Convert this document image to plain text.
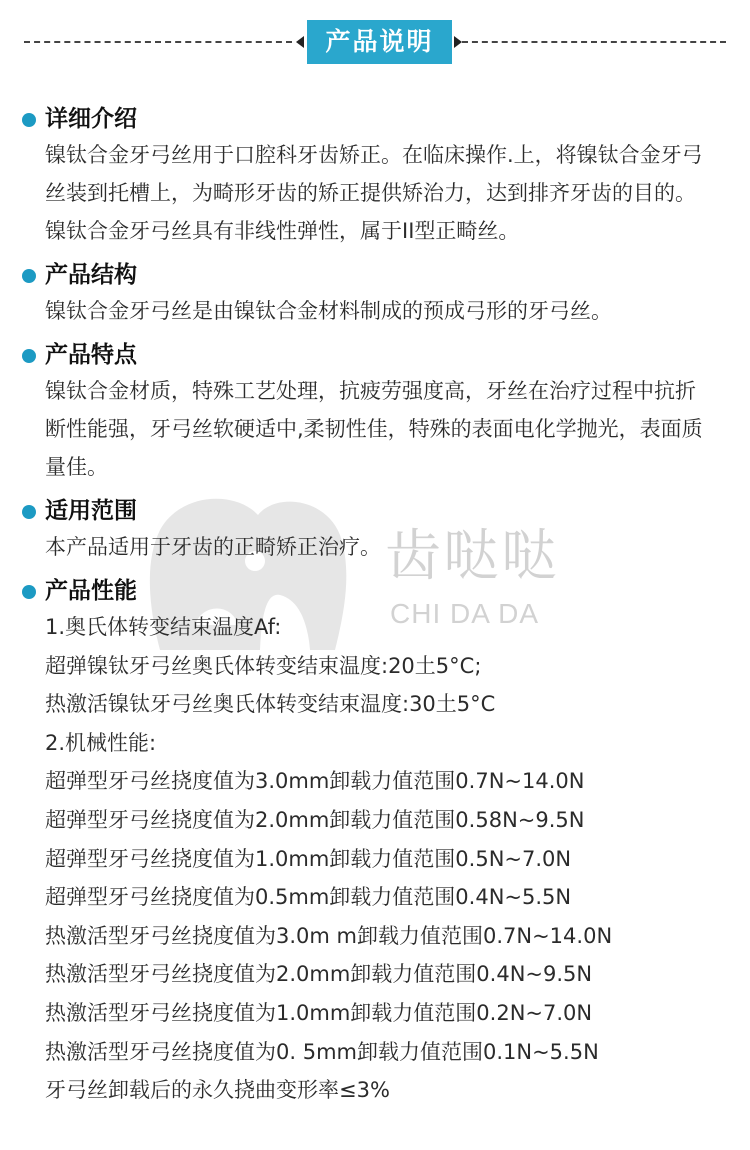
产品说明
齿哒哒
CHI DA DA
详细介绍
镍钛合金牙弓丝用于口腔科牙齿矫正。在临床操作.上，将镍钛合金牙弓丝装到托槽上，为畸形牙齿的矫正提供矫治力，达到排齐牙齿的目的。镍钛合金牙弓丝具有非线性弹性，属于II型正畸丝。
产品结构
镍钛合金牙弓丝是由镍钛合金材料制成的预成弓形的牙弓丝。
产品特点
镍钛合金材质，特殊工艺处理，抗疲劳强度高，牙丝在治疗过程中抗折断性能强，牙弓丝软硬适中,柔韧性佳，特殊的表面电化学抛光，表面质量佳。
适用范围
本产品适用于牙齿的正畸矫正治疗。
产品性能
1.奥氏体转变结束温度Af:
超弹镍钛牙弓丝奥氏体转变结束温度:20土5°C;
热激活镍钛牙弓丝奥氏体转变结束温度:30土5°C
2.机械性能:
超弹型牙弓丝挠度值为3.0mm卸载力值范围0.7N~14.0N
超弹型牙弓丝挠度值为2.0mm卸载力值范围0.58N~9.5N
超弹型牙弓丝挠度值为1.0mm卸载力值范围0.5N~7.0N
超弹型牙弓丝挠度值为0.5mm卸载力值范围0.4N~5.5N
热激活型牙弓丝挠度值为3.0m m卸载力值范围0.7N~14.0N
热激活型牙弓丝挠度值为2.0mm卸载力值范围0.4N~9.5N
热激活型牙弓丝挠度值为1.0mm卸载力值范围0.2N~7.0N
热激活型牙弓丝挠度值为0. 5mm卸载力值范围0.1N~5.5N
牙弓丝卸载后的永久挠曲变形率≤3%
